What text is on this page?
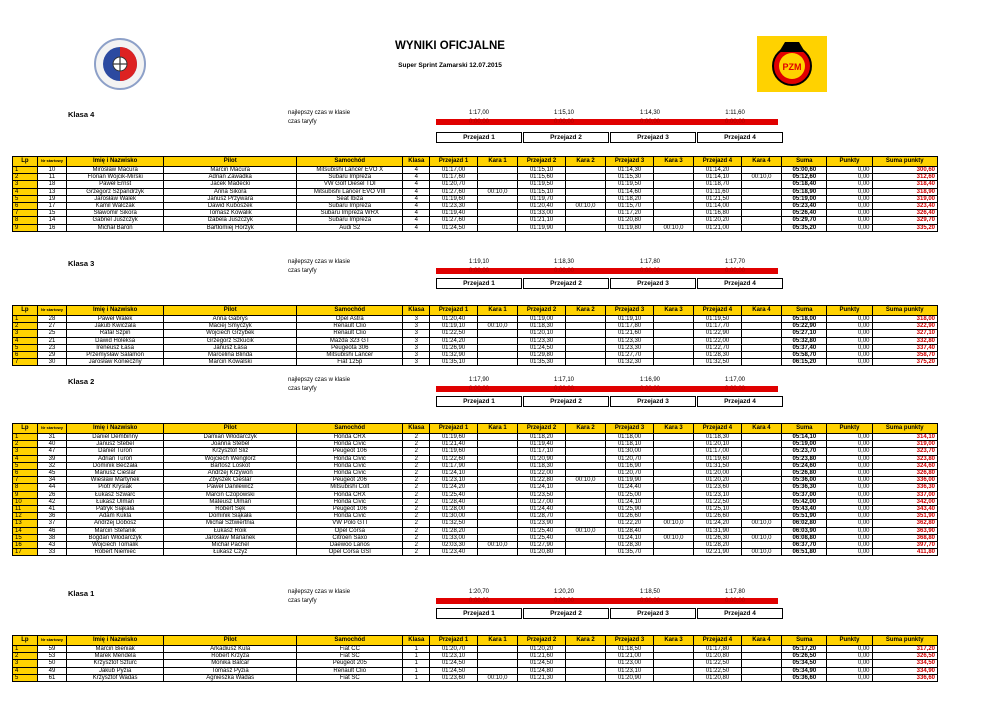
PZM
WYNIKI OFICJALNE
Super Sprint Zamarski 12.07.2015
Klasa 4	najlepszy czas w klasie
czas taryfy
1:17,00	1:15,10	1:14,30	1:11,60
0:00,00	0:00,00	0:00,00	0:00,00
Przejazd 1	Przejazd 2	Przejazd 3	Przejazd 4
Lp	Nr startowy	Imię i Nazwisko	Pilot	Samochód	Klasa	Przejazd 1	Kara 1	Przejazd 2	Kara 2	Przejazd 3	Kara 3	Przejazd 4	Kara 4	Suma	Punkty	Suma punkty
1	10	Mirosław Macura	Marcin Macura	Mitsubishi Lancer EVO X	4	01:17,00		01:15,10		01:14,30		01:14,20		05:00,60	0,00	300,60
2	11	Florian Wójcik-Mirski	Adrian Zawadka	Subaru Impreza	4	01:17,60		01:15,60		01:15,30		01:14,10	00:10,0	05:12,60	0,00	312,60
3	18	Paweł Ernst	Jacek Madecki	VW Golf Diesel TDI	4	01:20,70		01:19,50		01:19,50		01:18,70		05:18,40	0,00	318,40
4	13	Grzegorz Szpandrzyk	Anna Sikora	Mitsubishi Lancer EVO VIII	4	01:27,60	00:10,0	01:15,10		01:14,60		01:11,60		05:18,90	0,00	318,90
5	19	Jarosław Walek	Janusz Przywara	Seat Ibiza	4	01:19,60		01:19,70		01:18,20		01:21,50		05:19,00	0,00	319,00
6	17	Kamil Walczak	Dawid Kuboszek	Subaru Impreza	4	01:23,30		01:20,40	00:10,0	01:15,70		01:14,00		05:23,40	0,00	323,40
7	15	Sławomir Sikora	Tomasz Kowalik	Subaru Impreza WRX	4	01:19,40		01:33,00		01:17,20		01:16,80		05:26,40	0,00	326,40
8	14	Gabriel Juszczyk	Izabela Juszczyk	Subaru Impreza	4	01:27,60		01:21,10		01:20,80		01:20,20		05:29,70	0,00	329,70
9	16	Michał Baron	Bartłomiej Horzyk	Audi S2	4	01:24,50		01:19,90		01:19,80	00:10,0	01:21,00		05:35,20	0,00	335,20
Klasa 3	najlepszy czas w klasie
czas taryfy
1:19,10	1:18,30	1:17,80	1:17,70
0:00,00	0:00,00	0:00,00	0:00,00
Przejazd 1	Przejazd 2	Przejazd 3	Przejazd 4
Lp	Nr startowy	Imię i Nazwisko	Pilot	Samochód	Klasa	Przejazd 1	Kara 1	Przejazd 2	Kara 2	Przejazd 3	Kara 3	Przejazd 4	Kara 4	Suma	Punkty	Suma punkty
1	28	Paweł Walek	Anna Gabryś	Opel Astra	3	01:20,40		01:19,00		01:19,10		01:19,50		05:18,00	0,00	318,00
2	27	Jakub Kwiczala	Maciej Smyczyk	Renault Clio	3	01:19,10	00:10,0	01:18,30		01:17,80		01:17,70		05:22,90	0,00	322,90
3	25	Rafał Szpin	Wojciech Grzybek	Renault Clio	3	01:22,50		01:20,10		01:21,60		01:22,90		05:27,10	0,00	327,10
4	21	Dawid Holeksa	Grzegorz Szkucik	Mazda 323 GT	3	01:24,20		01:23,30		01:23,30		01:22,00		05:32,80	0,00	332,80
5	23	Ireneusz Łasa	Janusz Łasa	Peugeota 306	3	01:26,90		01:24,50		01:23,30		01:22,70		05:37,40	0,00	337,40
6	29	Przemysław Salamon	Marcelina Blinda	Mitsubishi Lancer	3	01:32,90		01:29,80		01:27,70		01:28,30		05:58,70	0,00	358,70
7	30	Jarosław Konieczny	Marcin Kowalski	Fiat 125p	3	01:35,10		01:35,30		01:32,30		01:32,50		06:15,20	0,00	375,20
Klasa 2	najlepszy czas w klasie
czas taryfy
1:17,90	1:17,10	1:16,90	1:17,00
0:00,00	0:00,00	0:00,00	0:00,00
Przejazd 1	Przejazd 2	Przejazd 3	Przejazd 4
Lp	Nr startowy	Imię i Nazwisko	Pilot	Samochód	Klasa	Przejazd 1	Kara 1	Przejazd 2	Kara 2	Przejazd 3	Kara 3	Przejazd 4	Kara 4	Suma	Punkty	Suma punkty
1	31	Daniel Dembinny	Damian Włodarczyk	Honda CRX	2	01:19,60		01:18,20		01:18,00		01:18,30		05:14,10	0,00	314,10
2	40	Janusz Stebel	Joanna Stebel	Honda Civic	2	01:21,40		01:19,40		01:18,10		01:20,10		05:19,00	0,00	319,00
3	47	Daniel Turoń	Krzysztof Śliż	Peugeot 106	2	01:19,60		01:17,10		01:30,00		01:17,00		05:23,70	0,00	323,70
4	39	Adrian Turoń	Wojciech Wenglorz	Honda Civic	2	01:22,60		01:20,90		01:20,70		01:19,60		05:23,80	0,00	323,80
5	32	Dominik Beczała	Bartosz Loskot	Honda Civic	2	01:17,90		01:18,30		01:16,90		01:31,50		05:24,60	0,00	324,60
6	45	Mariusz Cieślar	Andrzej Krzywoń	Honda Civic	2	01:24,10		01:22,00		01:20,70		01:20,00		05:26,80	0,00	326,80
7	34	Wiesław Martynek	Zbyszek Cieślar	Peugeot 206	2	01:23,10		01:22,80	00:10,0	01:19,90		01:20,20		05:36,00	0,00	336,00
8	44	Piotr Krysiak	Paweł Danilewicz	Mitsubishi Colt	2	01:24,20		01:24,10		01:24,40		01:23,60		05:36,30	0,00	336,30
9	26	Łukasz Szwarc	Marcin Czopowski	Honda CRX	2	01:25,40		01:23,50		01:25,00		01:23,10		05:37,00	0,00	337,00
10	42	Łukasz Ulman	Mateusz Ulman	Honda Civic	2	01:28,40		01:27,00		01:24,10		01:22,50		05:42,00	0,00	342,00
11	41	Patryk Siąkała	Robert Sęk	Peugeot 106	2	01:28,00		01:24,40		01:25,90		01:25,10		05:43,40	0,00	343,40
12	36	Adam Kukla	Dominik Siąkała	Honda Civic	2	01:30,00		01:28,70		01:26,60		01:26,60		05:51,90	0,00	351,90
13	37	Andrzej Dobosz	Michał Sztwiertnia	VW Polo GTI	2	01:32,50		01:23,90		01:22,20	00:10,0	01:24,20	00:10,0	06:02,80	0,00	362,80
14	46	Marcin Stefanik	Łukasz Roik	Opel Corsa	2	01:28,20		01:25,40	00:10,0	01:28,40		01:31,90		06:03,90	0,00	363,90
15	38	Bogdan Włodarczyk	Jarosław Marianek	Citroen Saxo	2	01:33,00		01:25,40		01:24,10	00:10,0	01:26,30	00:10,0	06:08,80	0,00	368,80
16	43	Wojciech Tomalik	Michał Pachel	Daewoo Lanos	2	02:03,30	00:10,0	01:27,90		01:28,30		01:28,20		06:37,70	0,00	397,70
17	33	Robert Niemiec	Łukasz Czyż	Opel Corsa GSI	2	01:23,40		01:20,80		01:35,70		02:21,90	00:10,0	06:51,80	0,00	411,80
Klasa 1	najlepszy czas w klasie
czas taryfy
1:20,70	1:20,20	1:18,50	1:17,80
0:00,00	0:00,00	0:00,00	0:00,00
Przejazd 1	Przejazd 2	Przejazd 3	Przejazd 4
Lp	Nr startowy	Imię i Nazwisko	Pilot	Samochód	Klasa	Przejazd 1	Kara 1	Przejazd 2	Kara 2	Przejazd 3	Kara 3	Przejazd 4	Kara 4	Suma	Punkty	Suma punkty
1	59	Marcin Bieniak	Arkadiusz Kula	Fiat CC	1	01:20,70		01:20,20		01:18,50		01:17,80		05:17,20	0,00	317,20
2	53	Marek Mendela	Robert Krzyża	Fiat SC	1	01:23,10		01:21,60		01:21,00		01:20,80		05:26,50	0,00	326,50
3	50	Krzysztof Szturc	Monika Balcar	Peugeot 205	1	01:24,50		01:24,50		01:23,00		01:22,50		05:34,50	0,00	334,50
4	49	Jakub Pyzia	Tomasz Pyzia	Renault Clio	1	01:24,50		01:24,80		01:23,10		01:22,50		05:34,90	0,00	334,90
5	61	Krzysztof Wadas	Agnieszka Wadas	Fiat SC	1	01:23,60	00:10,0	01:21,30		01:20,90		01:20,80		05:36,60	0,00	336,60
